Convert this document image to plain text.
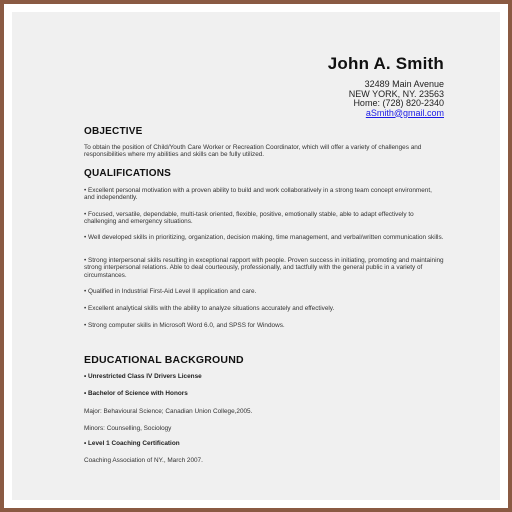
John A. Smith
32489 Main Avenue
NEW YORK, NY. 23563
Home: (728) 820-2340
aSmith@gmail.com
OBJECTIVE
To obtain the position of Child/Youth Care Worker or Recreation Coordinator, which will offer a variety of challenges and responsibilities where my abilities and skills can be fully utilized.
QUALIFICATIONS
• Excellent personal motivation with a proven ability to build and work collaboratively in a strong team concept environment, and independently.
• Focused, versatile, dependable, multi-task oriented, flexible, positive, emotionally stable, able to adapt effectively to challenging and emergency situations.
• Well developed skills in prioritizing, organization, decision making, time management, and verbal/written communication skills.
• Strong interpersonal skills resulting in exceptional rapport with people. Proven success in initiating, promoting and maintaining strong interpersonal relations. Able to deal courteously, professionally, and tactfully with the general public in a variety of circumstances.
• Qualified in Industrial First-Aid Level II application and care.
• Excellent analytical skills with the ability to analyze situations accurately and effectively.
• Strong computer skills in Microsoft Word 6.0, and SPSS for Windows.
EDUCATIONAL BACKGROUND
• Unrestricted Class IV Drivers License
• Bachelor of Science with Honors
Major: Behavioural Science; Canadian Union College,2005.
Minors: Counselling, Sociology
• Level 1 Coaching Certification
Coaching Association of NY., March 2007.
